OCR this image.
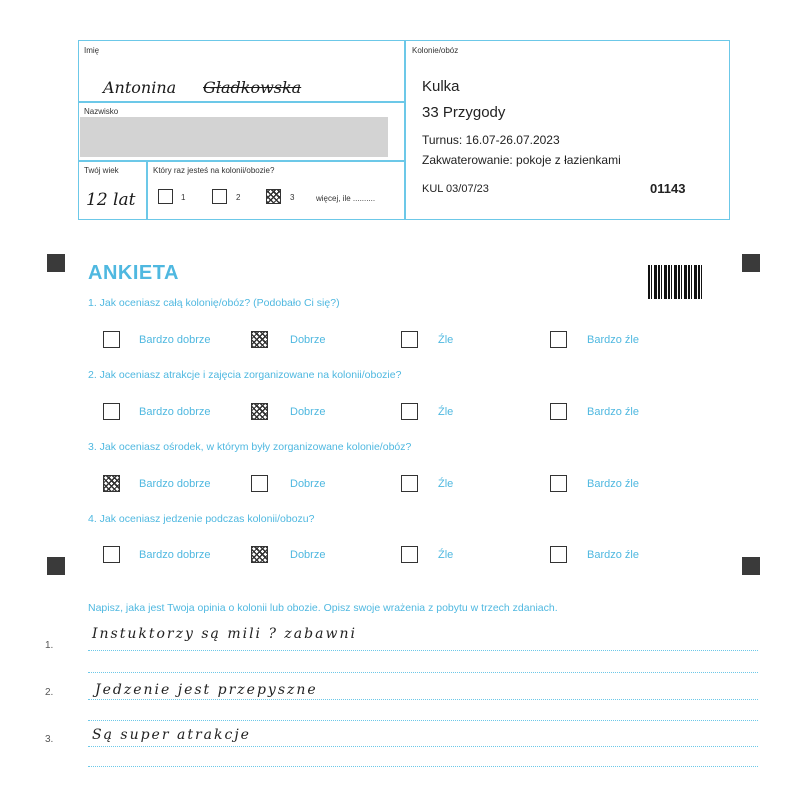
Imię
Antonina Gładkowska
Nazwisko
Twój wiek
12 lat
Który raz jesteś na kolonii/obozie?
1	2	3	więcej, ile ..........
Kolonie/obóz
Kulka
33 Przygody
Turnus: 16.07-26.07.2023
Zakwaterowanie: pokoje z łazienkami
KUL 03/07/23	01143
ANKIETA
1. Jak oceniasz całą kolonię/obóz? (Podobało Ci się?)
Bardzo dobrze	Dobrze	Źle	Bardzo źle
2. Jak oceniasz atrakcje i zajęcia zorganizowane na kolonii/obozie?
Bardzo dobrze	Dobrze	Źle	Bardzo źle
3. Jak oceniasz ośrodek, w którym były zorganizowane kolonie/obóz?
Bardzo dobrze	Dobrze	Źle	Bardzo źle
4. Jak oceniasz jedzenie podczas kolonii/obozu?
Bardzo dobrze	Dobrze	Źle	Bardzo źle
Napisz, jaka jest Twoja opinia o kolonii lub obozie. Opisz swoje wrażenia z pobytu w trzech zdaniach.
1.
Instuktorzy są mili ? zabawni
2.	Jedzenie jest przepyszne
3.	Są super atrakcje
